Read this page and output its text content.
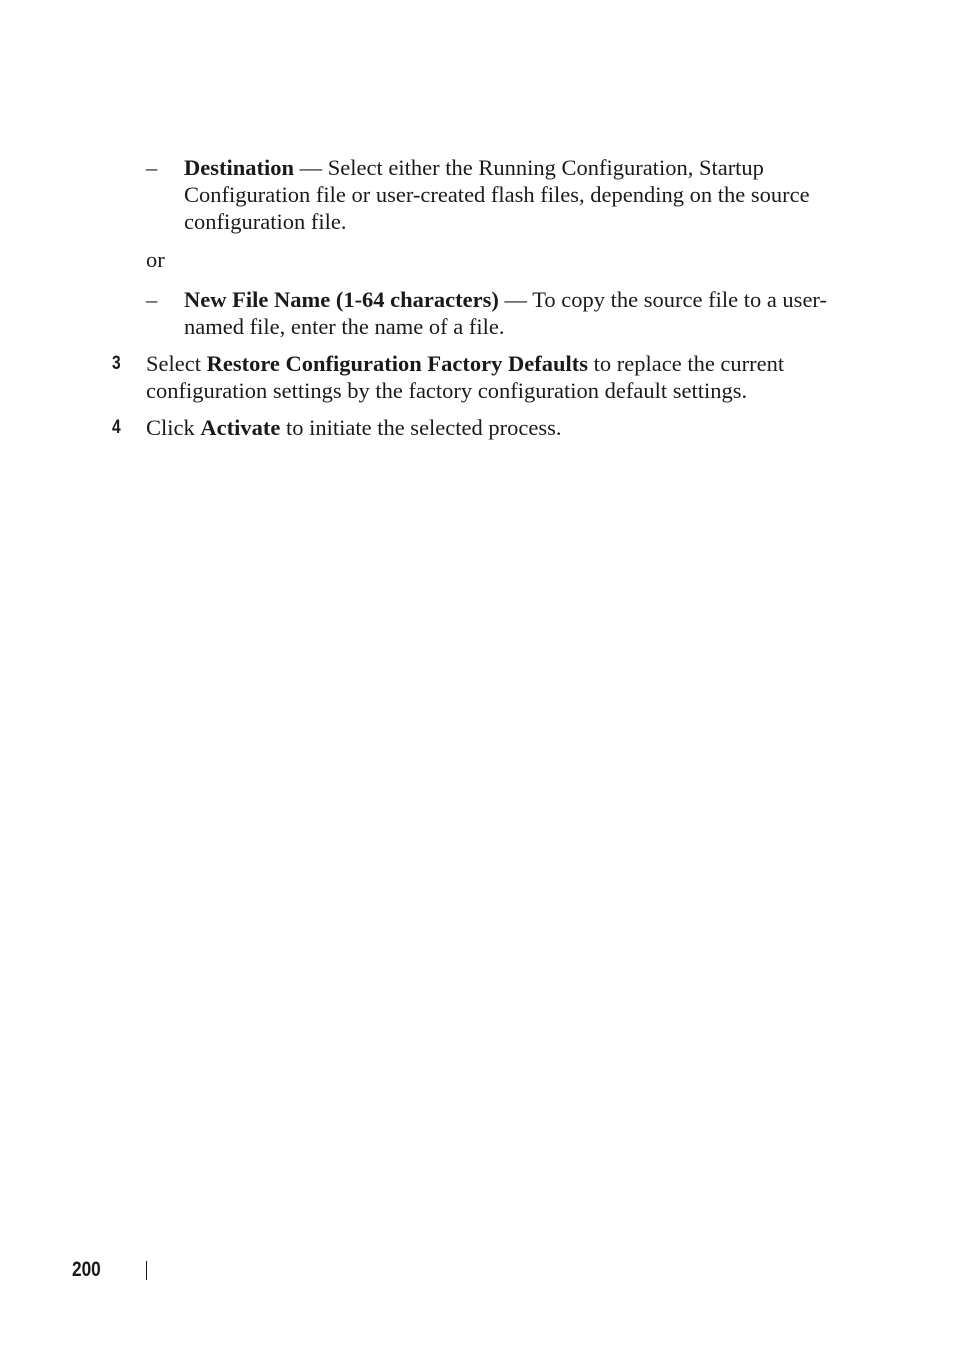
– Destination — Select either the Running Configuration, Startup Configuration file or user-created flash files, depending on the source configuration file.
or
– New File Name (1-64 characters) — To copy the source file to a user-named file, enter the name of a file.
3 Select Restore Configuration Factory Defaults to replace the current configuration settings by the factory configuration default settings.
4 Click Activate to initiate the selected process.
200
